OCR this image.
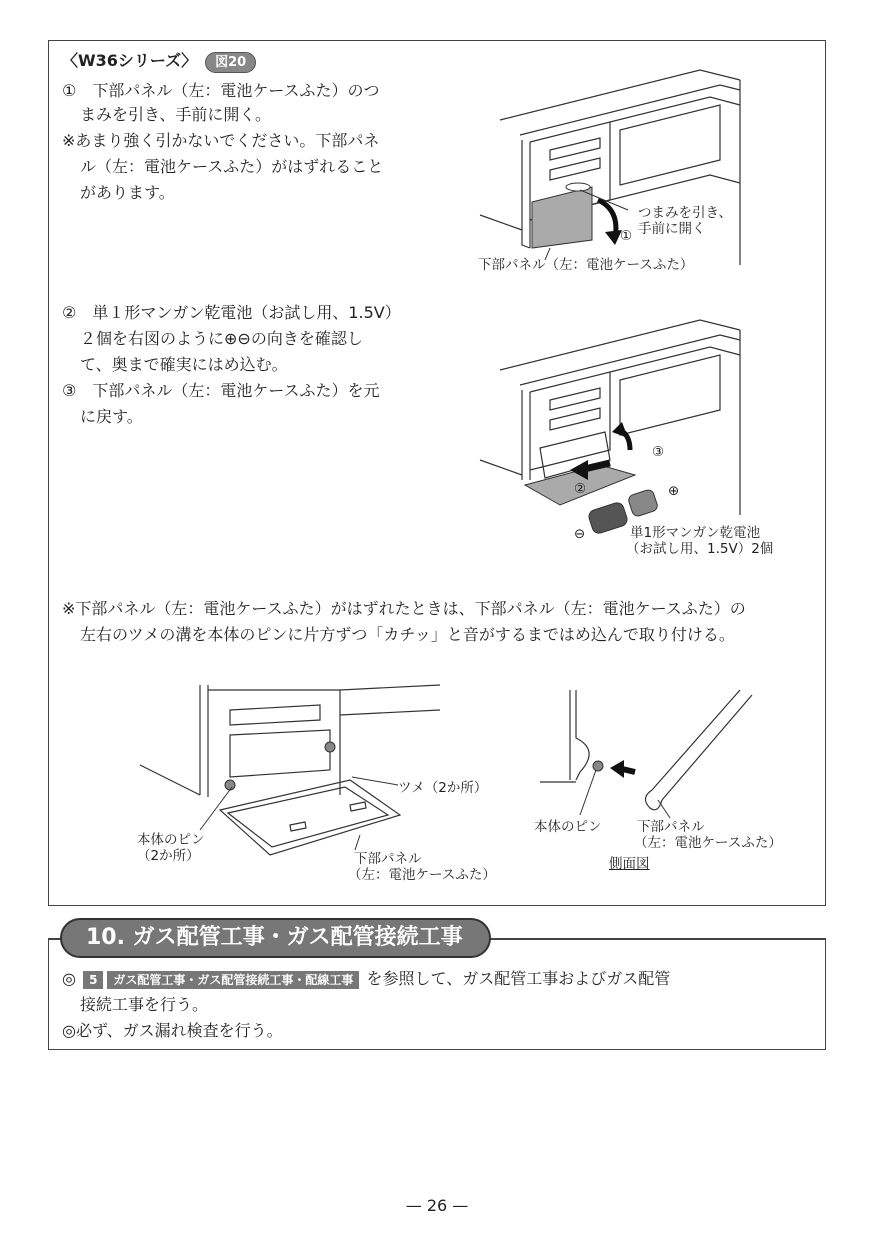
〈W36シリーズ〉 図20
①　下部パネル（左：電池ケースふた）のつ
まみを引き、手前に開く。
※あまり強く引かないでください。下部パネ
ル（左：電池ケースふた）がはずれること
があります。
②　単１形マンガン乾電池（お試し用、1.5V）
２個を右図のように⊕⊖の向きを確認し
て、奥まで確実にはめ込む。
③　下部パネル（左：電池ケースふた）を元
に戻す。
つまみを引き、
手前に開く
①
下部パネル（左：電池ケースふた）
②
③
⊕
⊖	単1形マンガン乾電池
（お試し用、1.5V）2個
※下部パネル（左：電池ケースふた）がはずれたときは、下部パネル（左：電池ケースふた）の
左右のツメの溝を本体のピンに片方ずつ「カチッ」と音がするまではめ込んで取り付ける。
ツメ（2か所）
本体のピン
（2か所）	下部パネル
（左：電池ケースふた）
本体のピン	下部パネル
（左：電池ケースふた）
側面図
10. ガス配管工事・ガス配管接続工事
◎ 5 ガス配管工事・ガス配管接続工事・配線工事 を参照して、ガス配管工事およびガス配管
接続工事を行う。
◎必ず、ガス漏れ検査を行う。
— 26 —
